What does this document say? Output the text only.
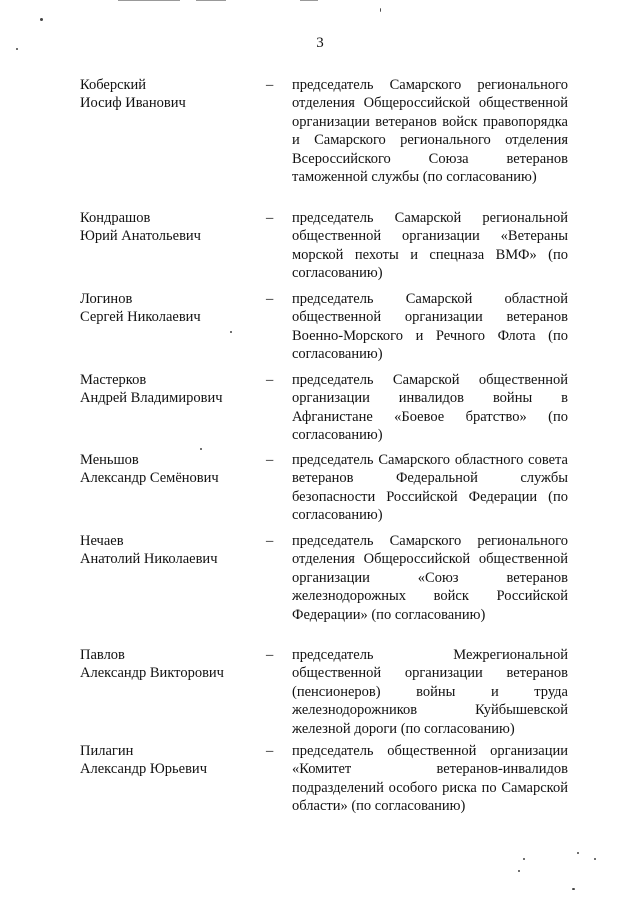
3
Коберский
Иосиф Иванович
– председатель Самарского регионального отделения Общероссийской общественной организации ветеранов войск правопорядка и Самарского регионального отделения Всероссийского Союза ветеранов таможенной службы (по согласованию)
Кондрашов
Юрий Анатольевич
– председатель Самарской региональной общественной организации «Ветераны морской пехоты и спецназа ВМФ» (по согласованию)
Логинов
Сергей Николаевич
– председатель Самарской областной общественной организации ветеранов Военно-Морского и Речного Флота (по согласованию)
Мастерков
Андрей Владимирович
– председатель Самарской общественной организации инвалидов войны в Афганистане «Боевое братство» (по согласованию)
Меньшов
Александр Семёнович
– председатель Самарского областного совета ветеранов Федеральной службы безопасности Российской Федерации (по согласованию)
Нечаев
Анатолий Николаевич
– председатель Самарского регионального отделения Общероссийской общественной организации «Союз ветеранов железнодорожных войск Российской Федерации» (по согласованию)
Павлов
Александр Викторович
– председатель Межрегиональной общественной организации ветеранов (пенсионеров) войны и труда железнодорожников Куйбышевской железной дороги (по согласованию)
Пилагин
Александр Юрьевич
– председатель общественной организации «Комитет ветеранов-инвалидов подразделений особого риска по Самарской области» (по согласованию)
